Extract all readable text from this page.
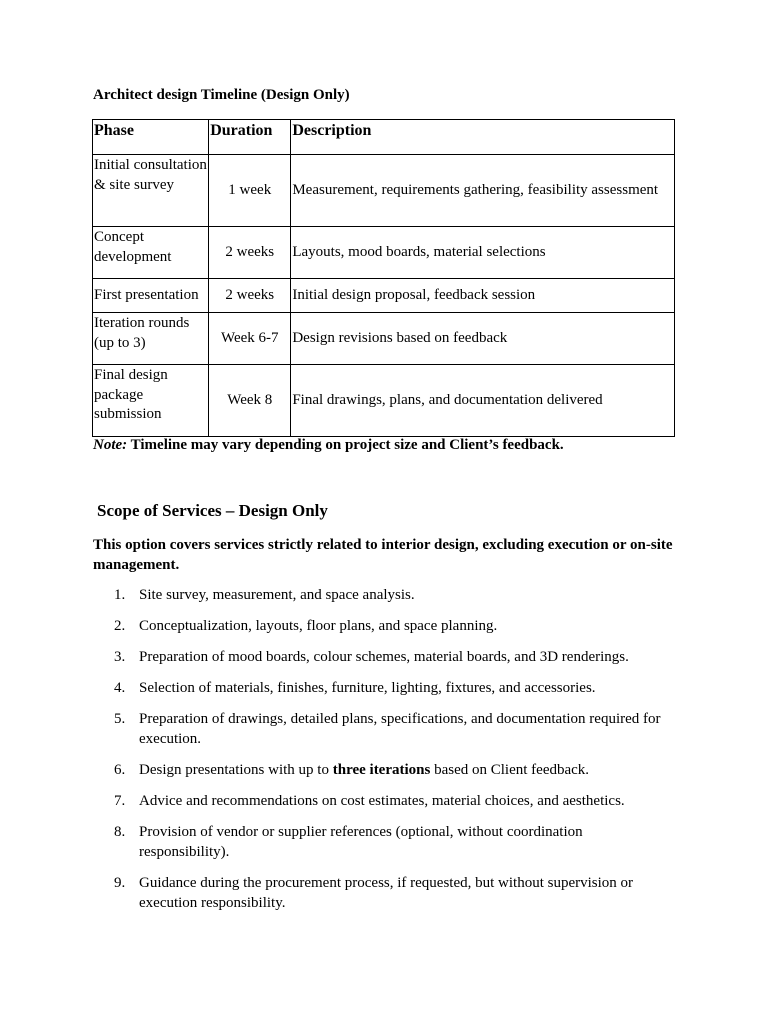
Architect design Timeline (Design Only)

Phase	Duration	Description
Initial consultation & site survey	1 week	Measurement, requirements gathering, feasibility assessment
Concept development	2 weeks	Layouts, mood boards, material selections
First presentation	2 weeks	Initial design proposal, feedback session
Iteration rounds (up to 3)	Week 6-7	Design revisions based on feedback
Final design package submission	Week 8	Final drawings, plans, and documentation delivered

Note: Timeline may vary depending on project size and Client’s feedback.

Scope of Services – Design Only

This option covers services strictly related to interior design, excluding execution or on-site management.

1. Site survey, measurement, and space analysis.
2. Conceptualization, layouts, floor plans, and space planning.
3. Preparation of mood boards, colour schemes, material boards, and 3D renderings.
4. Selection of materials, finishes, furniture, lighting, fixtures, and accessories.
5. Preparation of drawings, detailed plans, specifications, and documentation required for execution.
6. Design presentations with up to three iterations based on Client feedback.
7. Advice and recommendations on cost estimates, material choices, and aesthetics.
8. Provision of vendor or supplier references (optional, without coordination responsibility).
9. Guidance during the procurement process, if requested, but without supervision or execution responsibility.
